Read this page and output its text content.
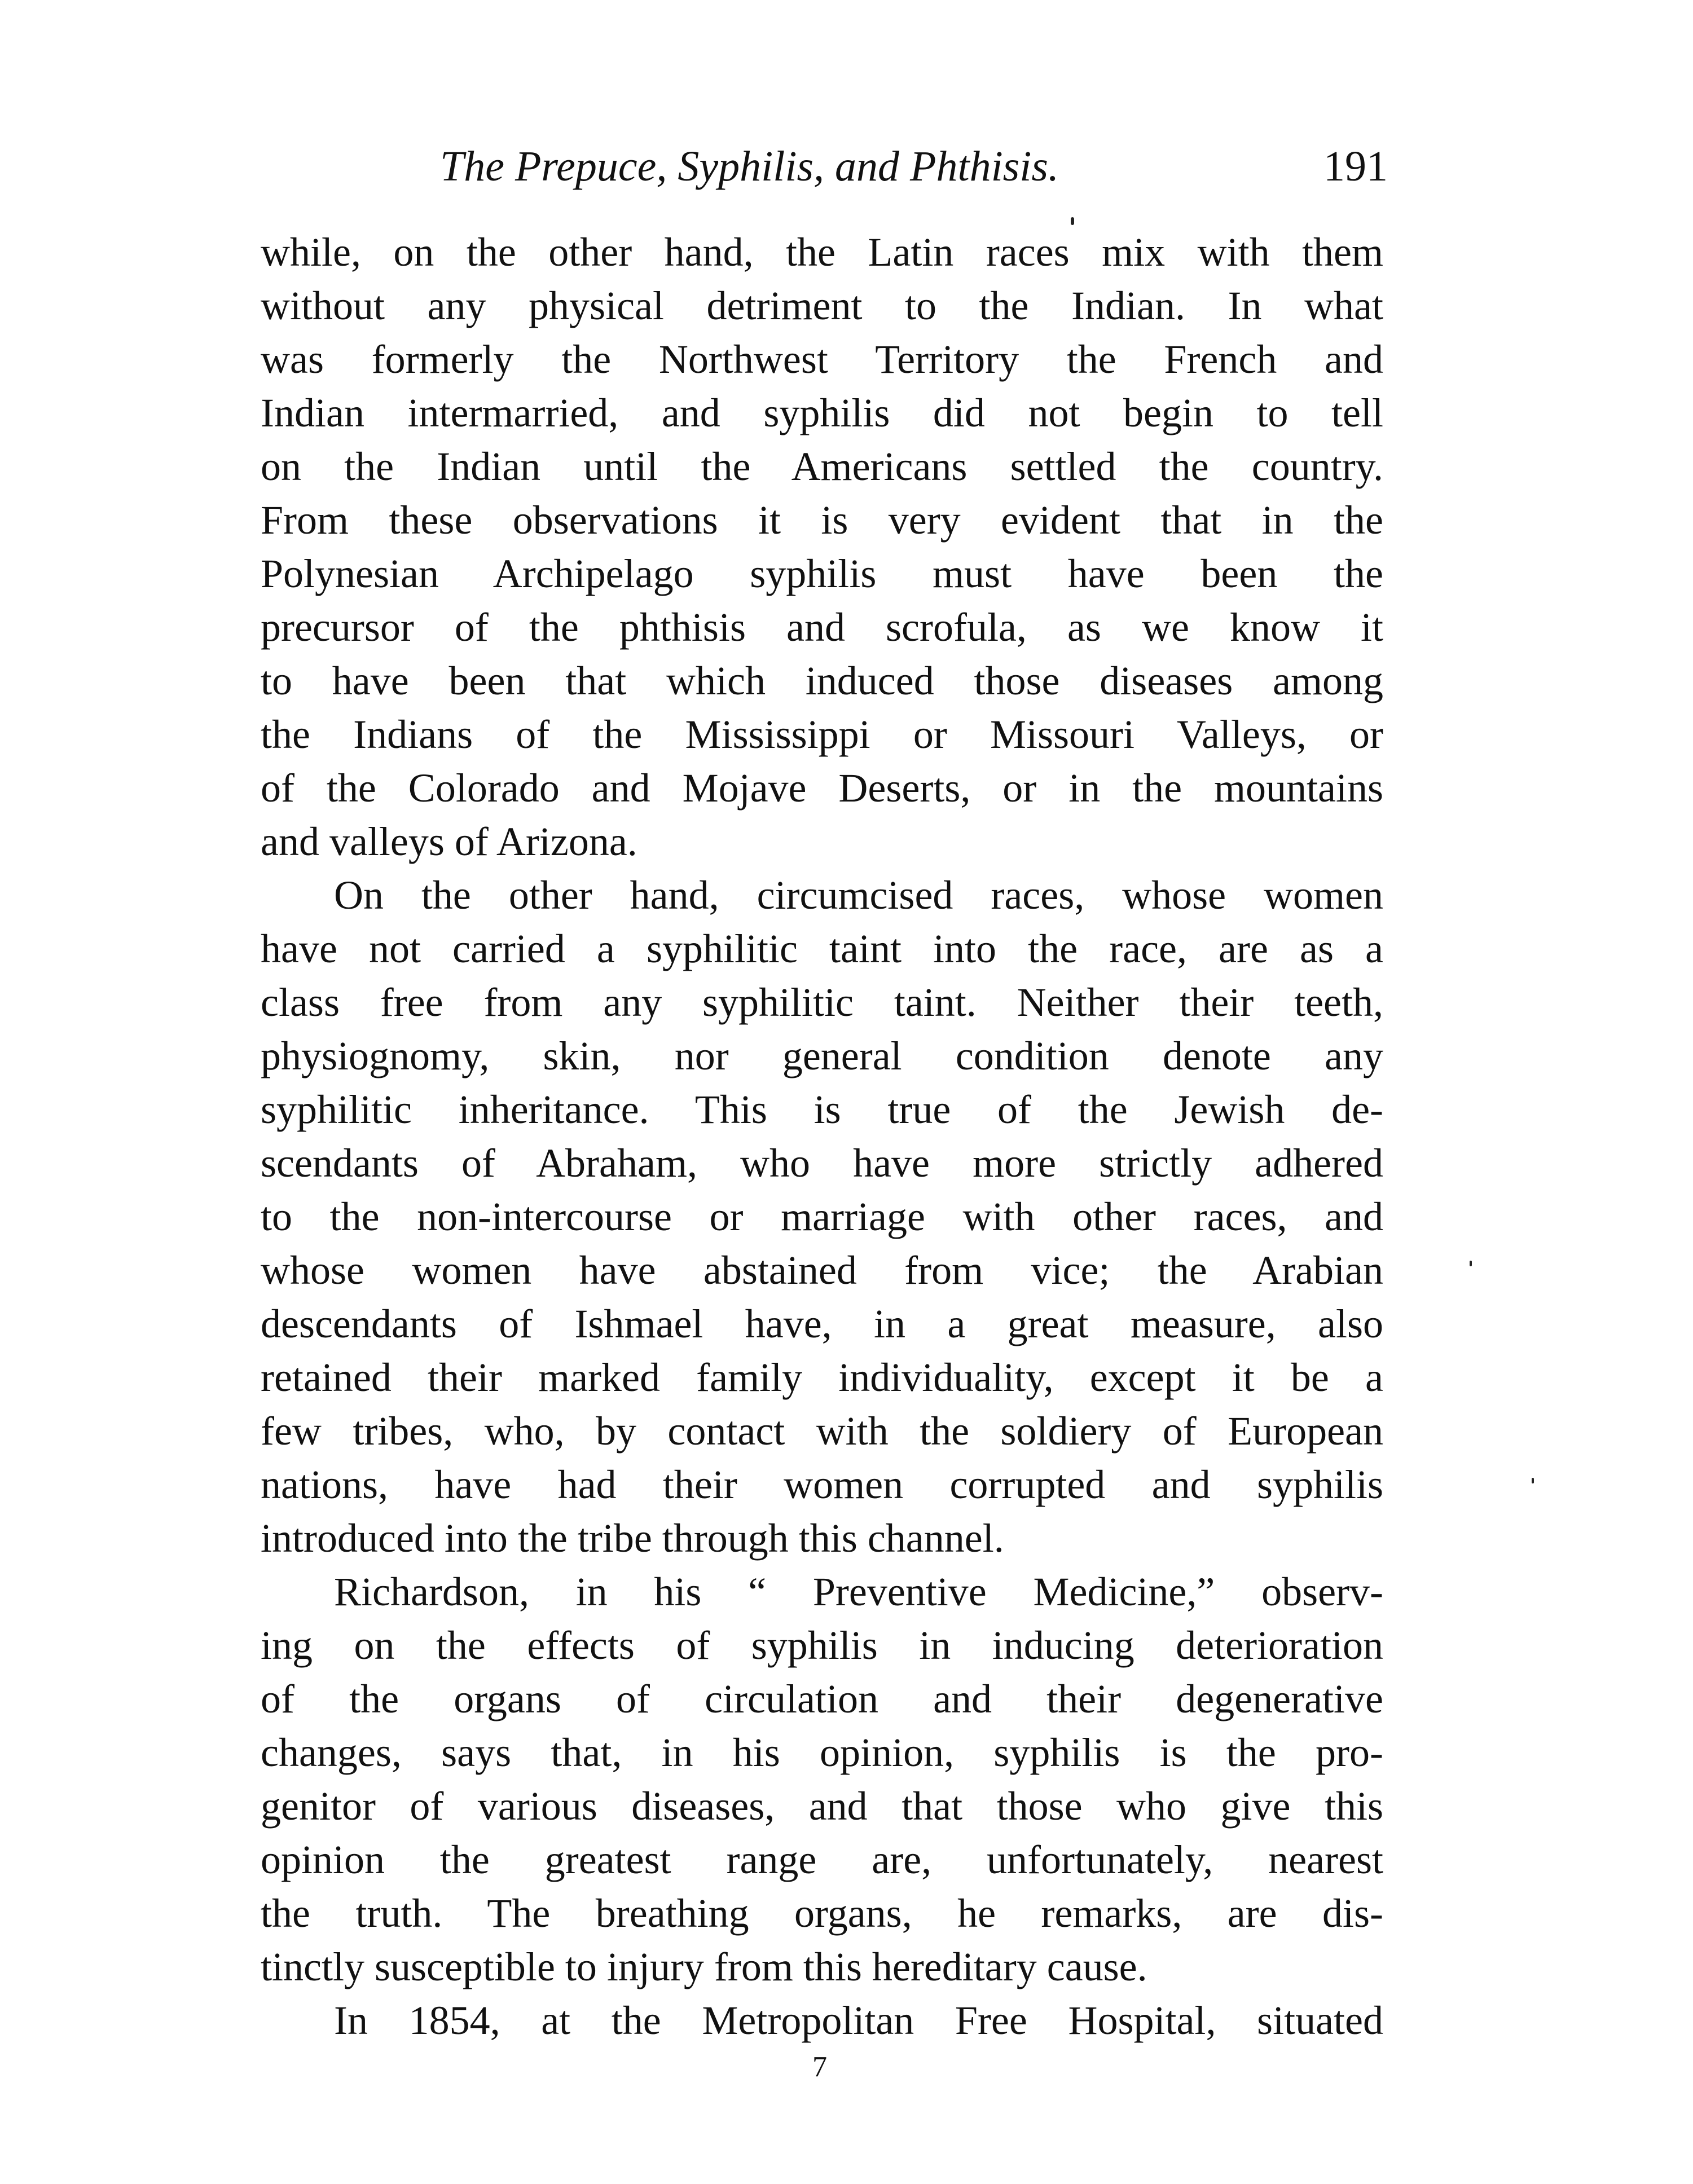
The Prepuce, Syphilis, and Phthisis.	191
while, on the other hand, the Latin races mix with them
without any physical detriment to the Indian. In what
was formerly the Northwest Territory the French and
Indian intermarried, and syphilis did not begin to tell
on the Indian until the Americans settled the country.
From these observations it is very evident that in the
Polynesian Archipelago syphilis must have been the
precursor of the phthisis and scrofula, as we know it
to have been that which induced those diseases among
the Indians of the Mississippi or Missouri Valleys, or
of the Colorado and Mojave Deserts, or in the mountains
and valleys of Arizona.
On the other hand, circumcised races, whose women
have not carried a syphilitic taint into the race, are as a
class free from any syphilitic taint. Neither their teeth,
physiognomy, skin, nor general condition denote any
syphilitic inheritance. This is true of the Jewish de-
scendants of Abraham, who have more strictly adhered
to the non-intercourse or marriage with other races, and
whose women have abstained from vice; the Arabian
descendants of Ishmael have, in a great measure, also
retained their marked family individuality, except it be a
few tribes, who, by contact with the soldiery of European
nations, have had their women corrupted and syphilis
introduced into the tribe through this channel.
Richardson, in his “ Preventive Medicine,” observ-
ing on the effects of syphilis in inducing deterioration
of the organs of circulation and their degenerative
changes, says that, in his opinion, syphilis is the pro-
genitor of various diseases, and that those who give this
opinion the greatest range are, unfortunately, nearest
the truth. The breathing organs, he remarks, are dis-
tinctly susceptible to injury from this hereditary cause.
In 1854, at the Metropolitan Free Hospital, situated
7
